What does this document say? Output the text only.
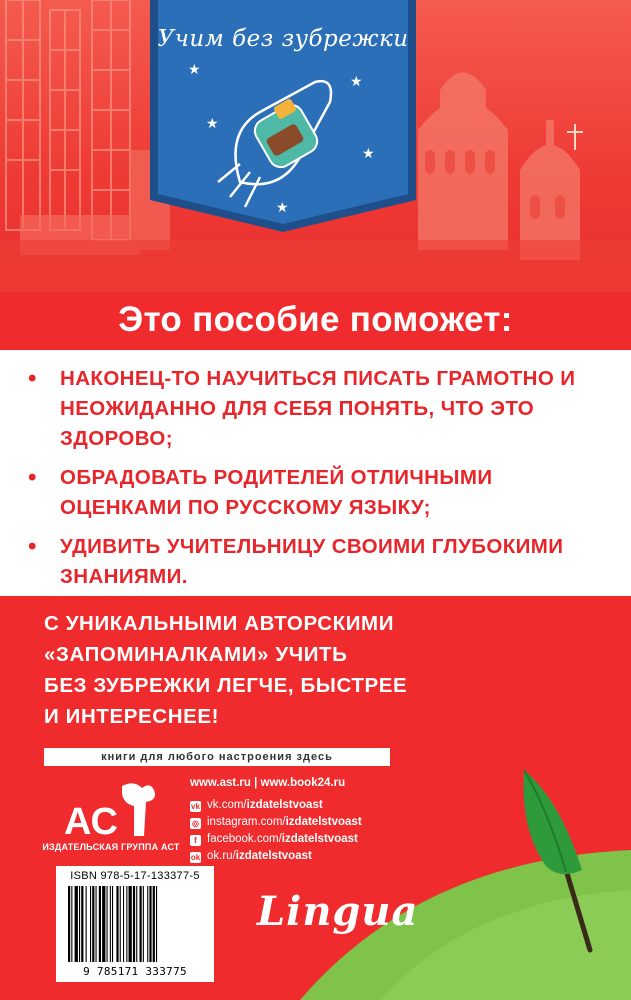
★
★
★
★
★
Учим без зубрежки
Это пособие поможет:
• НАКОНЕЦ-ТО НАУЧИТЬСЯ ПИСАТЬ ГРАМОТНО И НЕОЖИДАННО ДЛЯ СЕБЯ ПОНЯТЬ, ЧТО ЭТО ЗДОРОВО;
• ОБРАДОВАТЬ РОДИТЕЛЕЙ ОТЛИЧНЫМИ ОЦЕНКАМИ ПО РУССКОМУ ЯЗЫКУ;
• УДИВИТЬ УЧИТЕЛЬНИЦУ СВОИМИ ГЛУБОКИМИ ЗНАНИЯМИ.
С УНИКАЛЬНЫМИ АВТОРСКИМИ
«ЗАПОМИНАЛКАМИ» УЧИТЬ
БЕЗ ЗУБРЕЖКИ ЛЕГЧЕ, БЫСТРЕЕ
И ИНТЕРЕСНЕЕ!
книги для любого настроения здесь
АС
ИЗДАТЕЛЬСКАЯ ГРУППА АСТ
www.ast.ru | www.book24.ru
vk vk.com/izdatelstvoast
◎ instagram.com/izdatelstvoast
f facebook.com/izdatelstvoast
ok ok.ru/izdatelstvoast
ISBN 978-5-17-133377-5
9 785171 333775
Lingua
